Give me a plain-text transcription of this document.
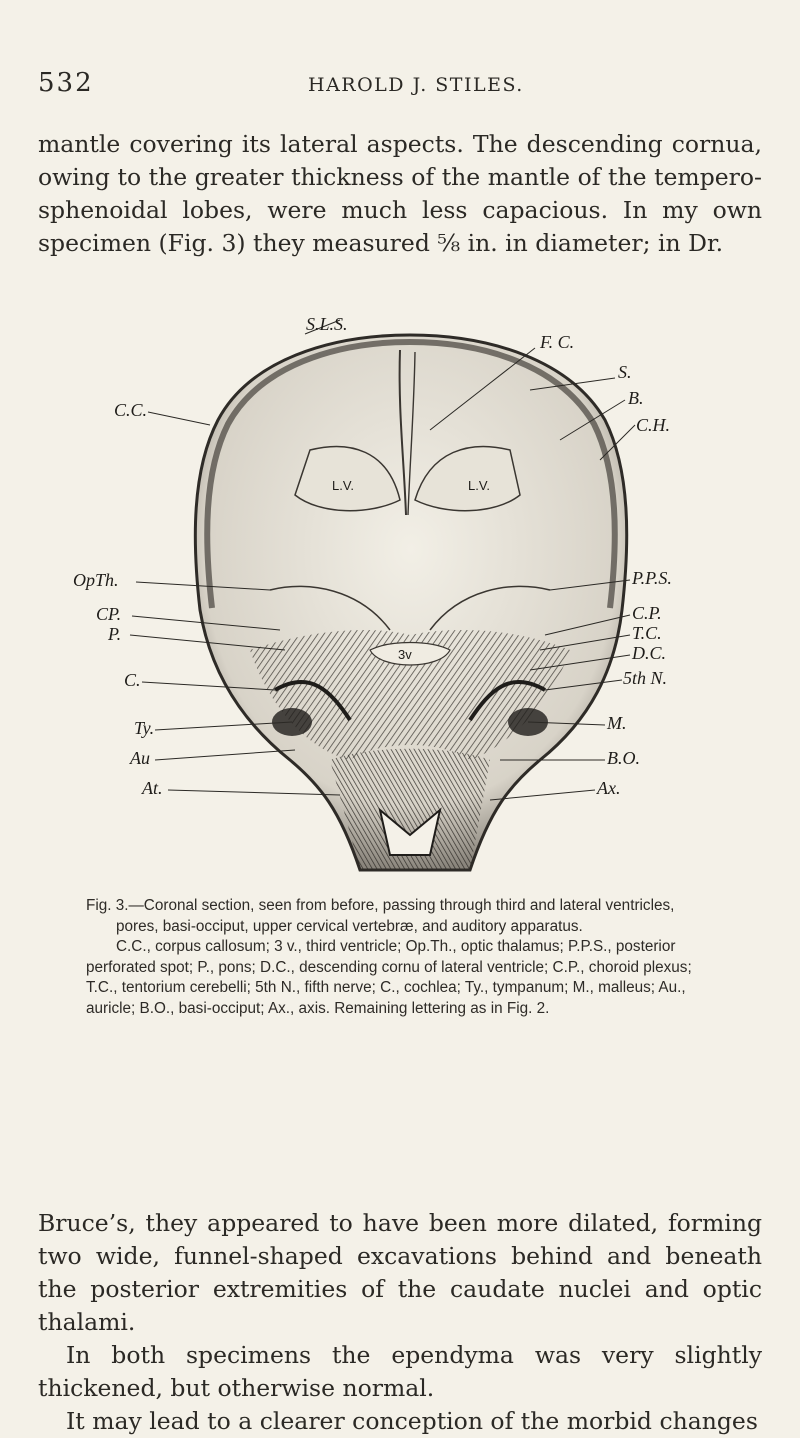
532	HAROLD J. STILES.

mantle covering its lateral aspects. The descending cornua, owing to the greater thickness of the mantle of the tempero-sphenoidal lobes, were much less capacious. In my own specimen (Fig. 3) they measured ⅝ in. in diameter; in Dr.

S.L.S.
F. C.
S.
B.
C.H.
C.C.
L.V.	L.V.
OpTh.
CP.
P.
C.
Ty.
Au
At.
P.P.S.
C.P.
T.C.
D.C.
5th N.
M.
B.O.
Ax.
3v

Fig. 3.—Coronal section, seen from before, passing through third and lateral ventricles, pores, basi-occiput, upper cervical vertebræ, and auditory apparatus.

C.C., corpus callosum; 3 v., third ventricle; Op.Th., optic thalamus; P.P.S., posterior perforated spot; P., pons; D.C., descending cornu of lateral ventricle; C.P., choroid plexus; T.C., tentorium cerebelli; 5th N., fifth nerve; C., cochlea; Ty., tympanum; M., malleus; Au., auricle; B.O., basi-occiput; Ax., axis. Remaining lettering as in Fig. 2.

Bruce’s, they appeared to have been more dilated, forming two wide, funnel-shaped excavations behind and beneath the posterior extremities of the caudate nuclei and optic thalami.
In both specimens the ependyma was very slightly thickened, but otherwise normal.
It may lead to a clearer conception of the morbid changes
